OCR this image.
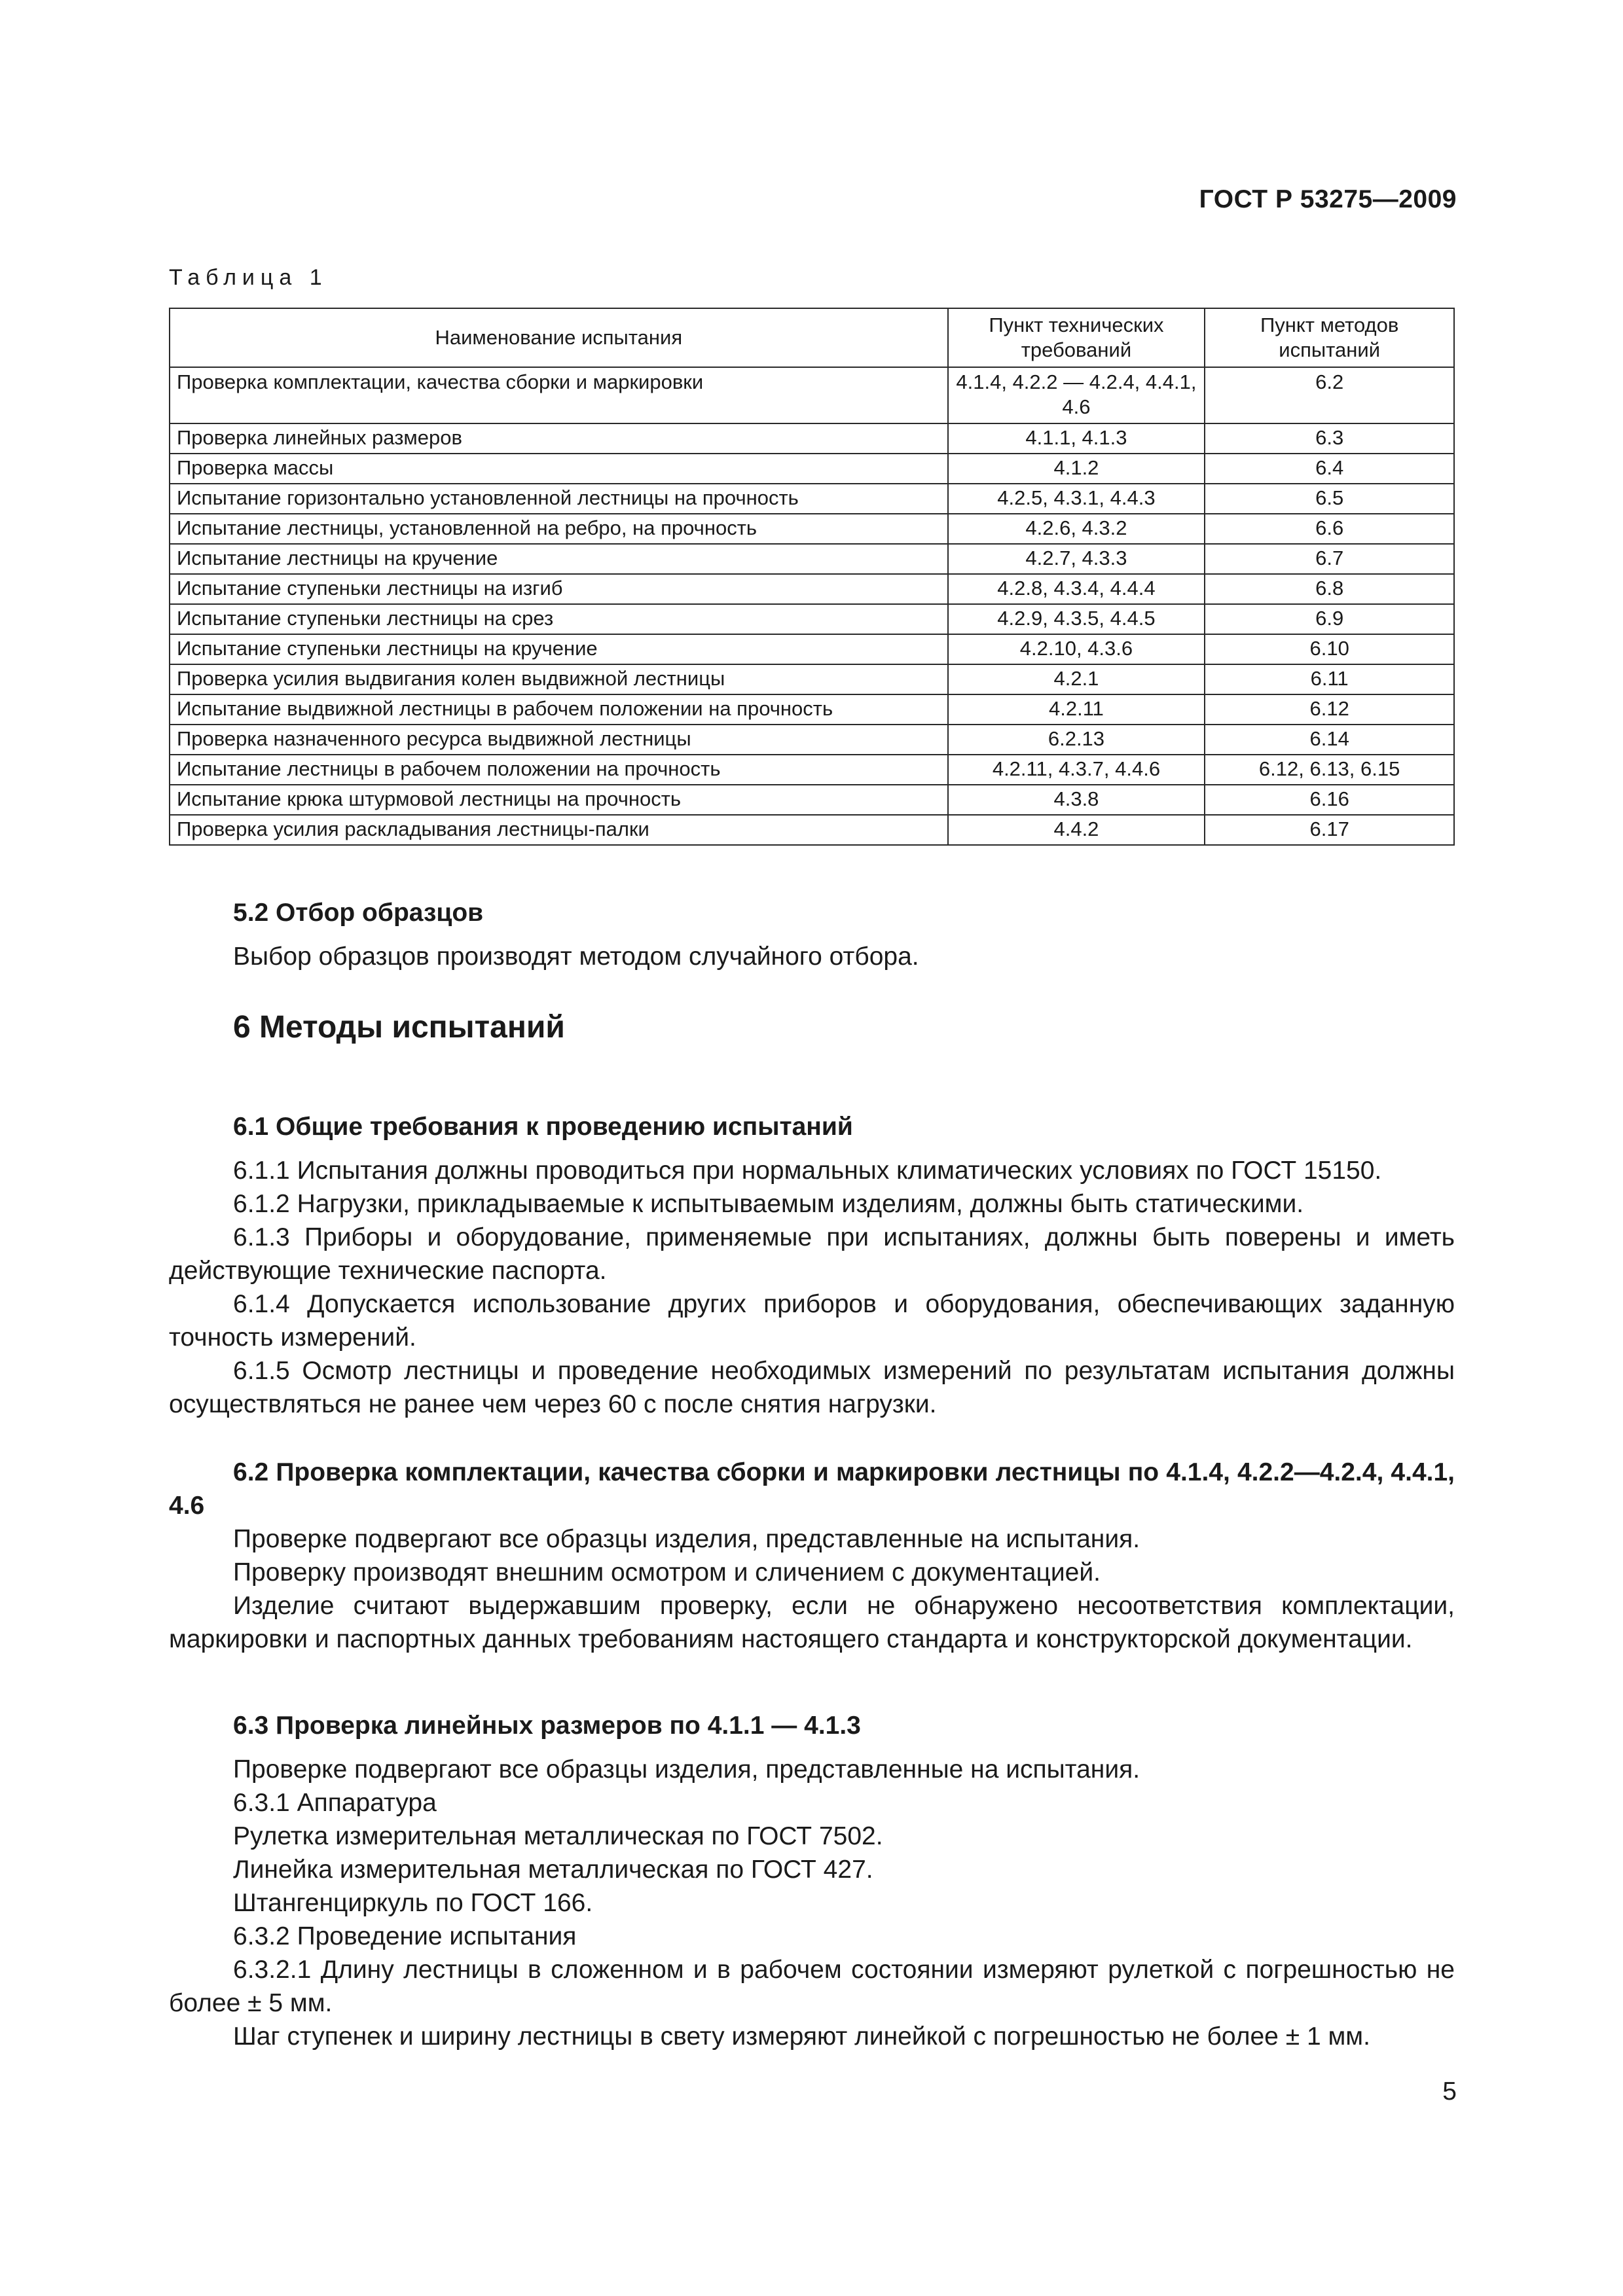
ГОСТ Р 53275—2009
Таблица 1
Наименование испытания	Пункт технических требований	Пункт методов испытаний
Проверка комплектации, качества сборки и маркировки	4.1.4, 4.2.2 — 4.2.4, 4.4.1, 4.6	6.2
Проверка линейных размеров	4.1.1, 4.1.3	6.3
Проверка массы	4.1.2	6.4
Испытание горизонтально установленной лестницы на прочность	4.2.5, 4.3.1, 4.4.3	6.5
Испытание лестницы, установленной на ребро, на прочность	4.2.6, 4.3.2	6.6
Испытание лестницы на кручение	4.2.7, 4.3.3	6.7
Испытание ступеньки лестницы на изгиб	4.2.8, 4.3.4, 4.4.4	6.8
Испытание ступеньки лестницы на срез	4.2.9, 4.3.5, 4.4.5	6.9
Испытание ступеньки лестницы на кручение	4.2.10, 4.3.6	6.10
Проверка усилия выдвигания колен выдвижной лестницы	4.2.1	6.11
Испытание выдвижной лестницы в рабочем положении на прочность	4.2.11	6.12
Проверка назначенного ресурса выдвижной лестницы	6.2.13	6.14
Испытание лестницы в рабочем положении на прочность	4.2.11, 4.3.7, 4.4.6	6.12, 6.13, 6.15
Испытание крюка штурмовой лестницы на прочность	4.3.8	6.16
Проверка усилия раскладывания лестницы-палки	4.4.2	6.17
5.2 Отбор образцов
Выбор образцов производят методом случайного отбора.
6 Методы испытаний
6.1 Общие требования к проведению испытаний
6.1.1 Испытания должны проводиться при нормальных климатических условиях по ГОСТ 15150.
6.1.2 Нагрузки, прикладываемые к испытываемым изделиям, должны быть статическими.
6.1.3 Приборы и оборудование, применяемые при испытаниях, должны быть поверены и иметь действующие технические паспорта.
6.1.4 Допускается использование других приборов и оборудования, обеспечивающих заданную точность измерений.
6.1.5 Осмотр лестницы и проведение необходимых измерений по результатам испытания должны осуществляться не ранее чем через 60 с после снятия нагрузки.
6.2 Проверка комплектации, качества сборки и маркировки лестницы по 4.1.4, 4.2.2—4.2.4, 4.4.1, 4.6
Проверке подвергают все образцы изделия, представленные на испытания.
Проверку производят внешним осмотром и сличением с документацией.
Изделие считают выдержавшим проверку, если не обнаружено несоответствия комплектации, маркировки и паспортных данных требованиям настоящего стандарта и конструкторской документации.
6.3 Проверка линейных размеров по 4.1.1 — 4.1.3
Проверке подвергают все образцы изделия, представленные на испытания.
6.3.1 Аппаратура
Рулетка измерительная металлическая по ГОСТ 7502.
Линейка измерительная металлическая по ГОСТ 427.
Штангенциркуль по ГОСТ 166.
6.3.2 Проведение испытания
6.3.2.1 Длину лестницы в сложенном и в рабочем состоянии измеряют рулеткой с погрешностью не более ± 5 мм.
Шаг ступенек и ширину лестницы в свету измеряют линейкой с погрешностью не более ± 1 мм.
5
